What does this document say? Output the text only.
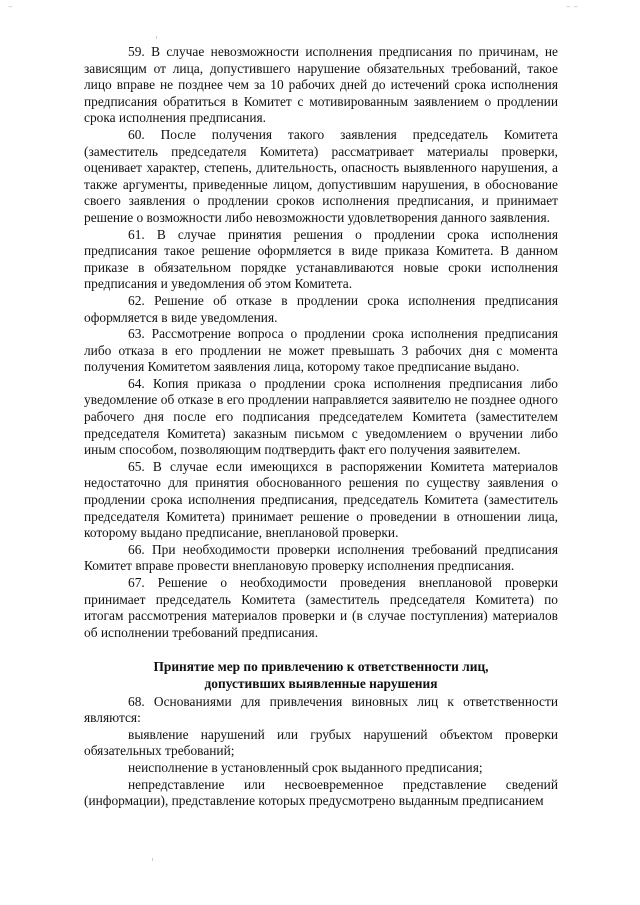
–	– –

59. В случае невозможности исполнения предписания по причинам, не зависящим от лица, допустившего нарушение обязательных требований, такое лицо вправе не позднее чем за 10 рабочих дней до истечений срока исполнения предписания обратиться в Комитет с мотивированным заявлением о продлении срока исполнения предписания.

60. После получения такого заявления председатель Комитета (заместитель председателя Комитета) рассматривает материалы проверки, оценивает характер, степень, длительность, опасность выявленного нарушения, а также аргументы, приведенные лицом, допустившим нарушения, в обоснование своего заявления о продлении сроков исполнения предписания, и принимает решение о возможности либо невозможности удовлетворения данного заявления.

61. В случае принятия решения о продлении срока исполнения предписания такое решение оформляется в виде приказа Комитета. В данном приказе в обязательном порядке устанавливаются новые сроки исполнения предписания и уведомления об этом Комитета.

62. Решение об отказе в продлении срока исполнения предписания оформляется в виде уведомления.

63. Рассмотрение вопроса о продлении срока исполнения предписания либо отказа в его продлении не может превышать 3 рабочих дня с момента получения Комитетом заявления лица, которому такое предписание выдано.

64. Копия приказа о продлении срока исполнения предписания либо уведомление об отказе в его продлении направляется заявителю не позднее одного рабочего дня после его подписания председателем Комитета (заместителем председателя Комитета) заказным письмом с уведомлением о вручении либо иным способом, позволяющим подтвердить факт его получения заявителем.

65. В случае если имеющихся в распоряжении Комитета материалов недостаточно для принятия обоснованного решения по существу заявления о продлении срока исполнения предписания, председатель Комитета (заместитель председателя Комитета) принимает решение о проведении в отношении лица, которому выдано предписание, внеплановой проверки.

66. При необходимости проверки исполнения требований предписания Комитет вправе провести внеплановую проверку исполнения предписания.

67. Решение о необходимости проведения внеплановой проверки принимает председатель Комитета (заместитель председателя Комитета) по итогам рассмотрения материалов проверки и (в случае поступления) материалов об исполнении требований предписания.

Принятие мер по привлечению к ответственности лиц,
допустивших выявленные нарушения

68. Основаниями для привлечения виновных лиц к ответственности являются:

выявление нарушений или грубых нарушений объектом проверки обязательных требований;

неисполнение в установленный срок выданного предписания;

непредставление или несвоевременное представление сведений (информации), представление которых предусмотрено выданным предписанием
